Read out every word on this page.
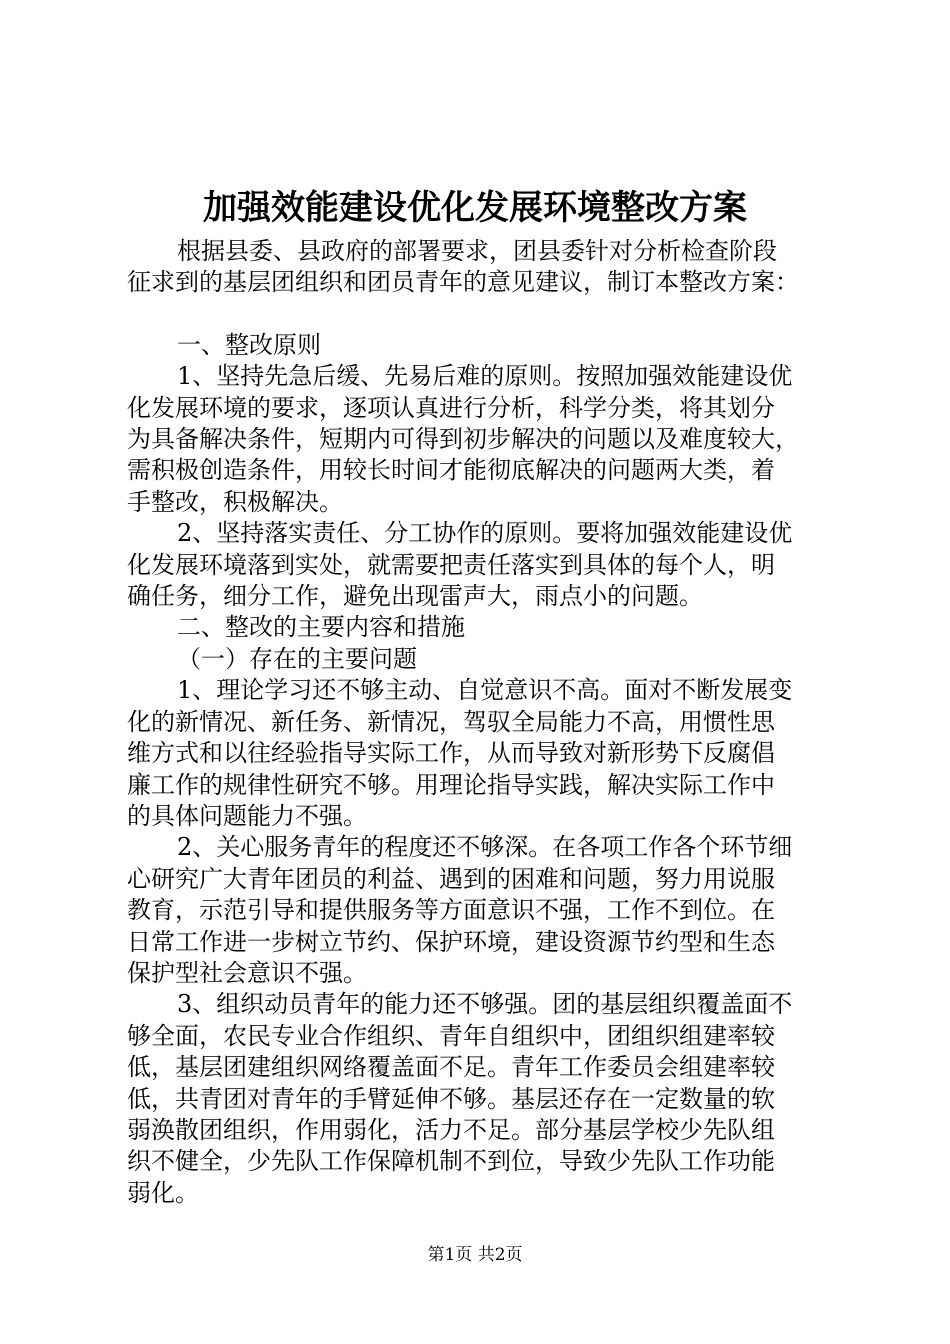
加强效能建设优化发展环境整改方案

根据县委、县政府的部署要求，团县委针对分析检查阶段

征求到的基层团组织和团员青年的意见建议，制订本整改方案：

一、整改原则

1、坚持先急后缓、先易后难的原则。按照加强效能建设优

化发展环境的要求，逐项认真进行分析，科学分类，将其划分

为具备解决条件，短期内可得到初步解决的问题以及难度较大，

需积极创造条件，用较长时间才能彻底解决的问题两大类，着

手整改，积极解决。

2、坚持落实责任、分工协作的原则。要将加强效能建设优

化发展环境落到实处，就需要把责任落实到具体的每个人，明

确任务，细分工作，避免出现雷声大，雨点小的问题。

二、整改的主要内容和措施

（一）存在的主要问题

1、理论学习还不够主动、自觉意识不高。面对不断发展变

化的新情况、新任务、新情况，驾驭全局能力不高，用惯性思

维方式和以往经验指导实际工作，从而导致对新形势下反腐倡

廉工作的规律性研究不够。用理论指导实践，解决实际工作中

的具体问题能力不强。

2、关心服务青年的程度还不够深。在各项工作各个环节细

心研究广大青年团员的利益、遇到的困难和问题，努力用说服

教育，示范引导和提供服务等方面意识不强，工作不到位。在

日常工作进一步树立节约、保护环境，建设资源节约型和生态

保护型社会意识不强。

3、组织动员青年的能力还不够强。团的基层组织覆盖面不

够全面，农民专业合作组织、青年自组织中，团组织组建率较

低，基层团建组织网络覆盖面不足。青年工作委员会组建率较

低，共青团对青年的手臂延伸不够。基层还存在一定数量的软

弱涣散团组织，作用弱化，活力不足。部分基层学校少先队组

织不健全，少先队工作保障机制不到位，导致少先队工作功能

弱化。

第1页 共2页
